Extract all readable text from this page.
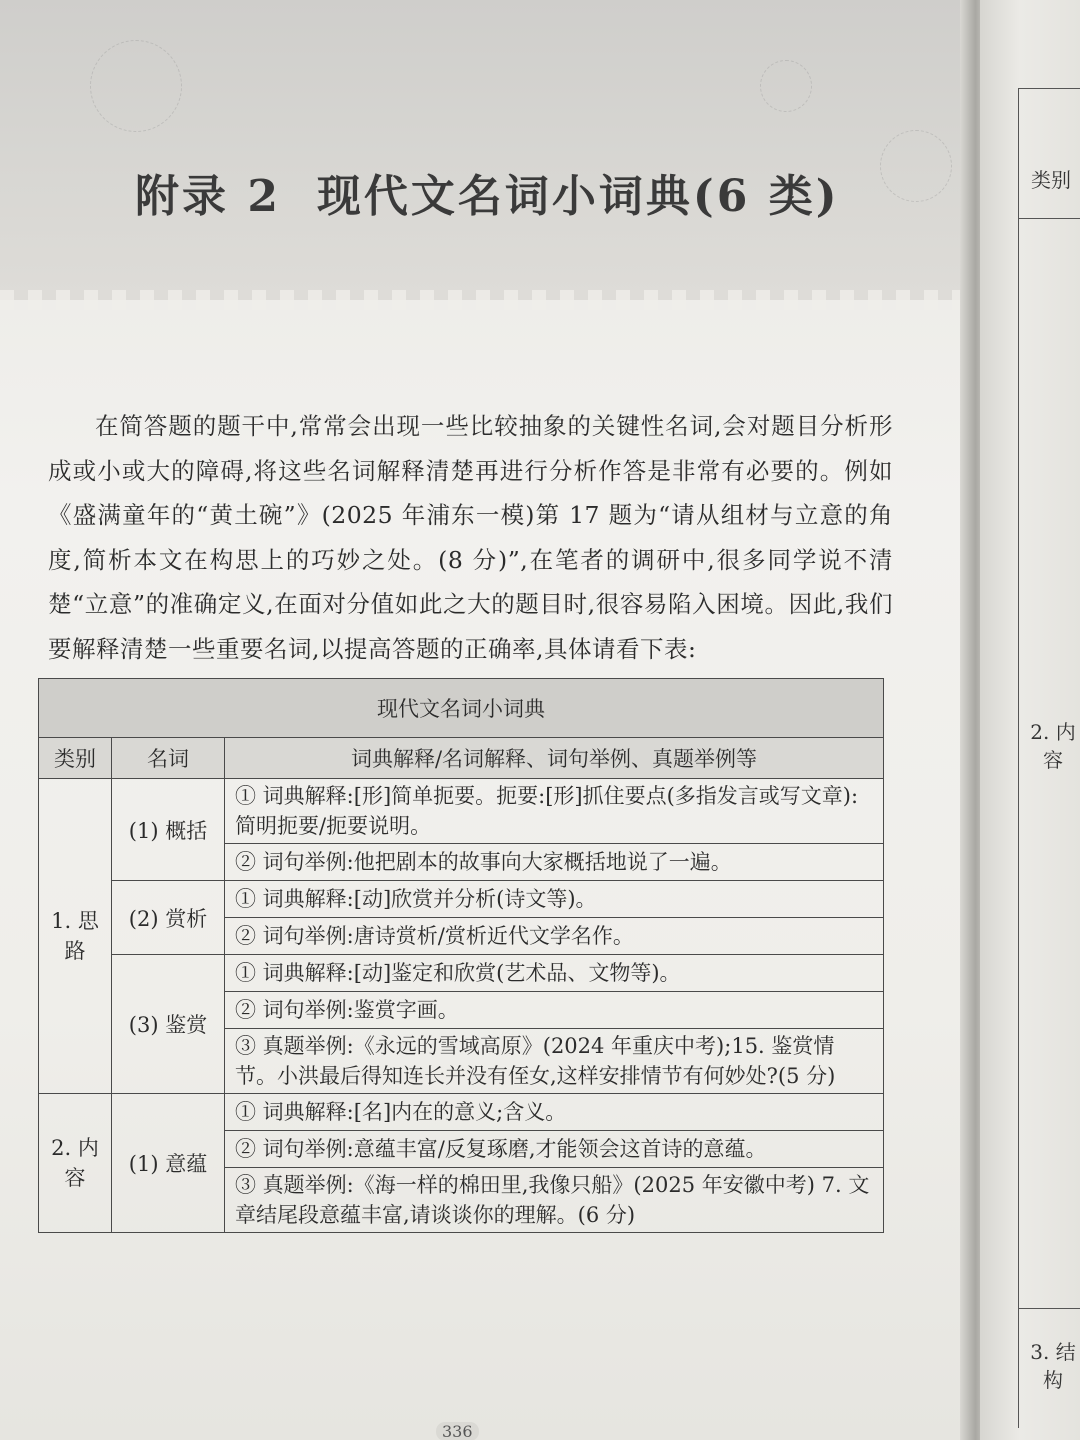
附录 2 现代文名词小词典(6 类)

在简答题的题干中,常常会出现一些比较抽象的关键性名词,会对题目分析形成或小或大的障碍,将这些名词解释清楚再进行分析作答是非常有必要的。例如《盛满童年的“黄土碗”》(2025 年浦东一模)第 17 题为“请从组材与立意的角度,简析本文在构思上的巧妙之处。(8 分)”,在笔者的调研中,很多同学说不清楚“立意”的准确定义,在面对分值如此之大的题目时,很容易陷入困境。因此,我们要解释清楚一些重要名词,以提高答题的正确率,具体请看下表:

现代文名词小词典		
类别	名词	词典解释/名词解释、词句举例、真题举例等
1. 思路	(1) 概括	① 词典解释:[形]简单扼要。扼要:[形]抓住要点(多指发言或写文章):简明扼要/扼要说明。
		② 词句举例:他把剧本的故事向大家概括地说了一遍。
	(2) 赏析	① 词典解释:[动]欣赏并分析(诗文等)。
		② 词句举例:唐诗赏析/赏析近代文学名作。
	(3) 鉴赏	① 词典解释:[动]鉴定和欣赏(艺术品、文物等)。
		② 词句举例:鉴赏字画。
		③ 真题举例:《永远的雪域高原》(2024 年重庆中考);15. 鉴赏情节。小洪最后得知连长并没有侄女,这样安排情节有何妙处?(5 分)
2. 内容	(1) 意蕴	① 词典解释:[名]内在的意义;含义。
		② 词句举例:意蕴丰富/反复琢磨,才能领会这首诗的意蕴。
		③ 真题举例:《海一样的棉田里,我像只船》(2025 年安徽中考) 7. 文章结尾段意蕴丰富,请谈谈你的理解。(6 分)
336
类别
2. 内容
3. 结构
